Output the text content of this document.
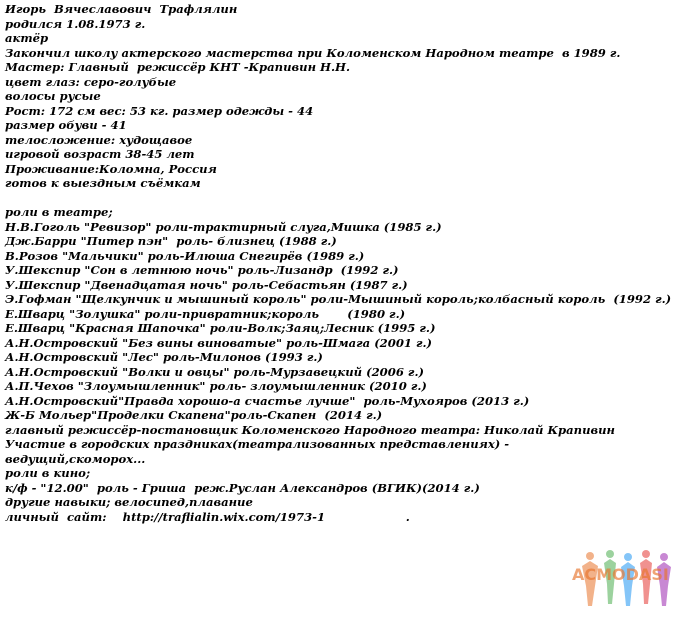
Игорь  Вячеславович  Трафлялин
родился 1.08.1973 г.
актёр
Закончил школу актерского мастерства при Коломенском Народном театре  в 1989 г.
Мастер: Главный  режиссёр КНТ -Крапивин Н.Н.
цвет глаз: серо-голубые
волосы русые
Рост: 172 см вес: 53 кг. размер одежды - 44
размер обуви - 41
телосложение: худощавое
игровой возраст 38-45 лет
Проживание:Коломна, Россия
готов к выездным съёмкам
роли в театре;
Н.В.Гоголь "Ревизор" роли-трактирный слуга,Мишка (1985 г.)
Дж.Барри "Питер пэн"  роль- близнец (1988 г.)
В.Розов "Мальчики" роль-Илюша Снегирёв (1989 г.)
У.Шекспир "Сон в летнюю ночь" роль-Лизандр  (1992 г.)
У.Шекспир "Двенадцатая ночь" роль-Себастьян (1987 г.)
Э.Гофман "Щелкунчик и мышиный король" роли-Мышиный король;колбасный король  (1992 г.)
Е.Шварц "Золушка" роли-привратник;король       (1980 г.)
Е.Шварц "Красная Шапочка" роли-Волк;Заяц;Лесник (1995 г.)
А.Н.Островский "Без вины виноватые" роль-Шмага (2001 г.)
А.Н.Островский "Лес" роль-Милонов (1993 г.)
А.Н.Островский "Волки и овцы" роль-Мурзавецкий (2006 г.)
А.П.Чехов "Злоумышленник" роль- злоумышленник (2010 г.)
А.Н.Островский"Правда хорошо-а счастье лучше"  роль-Мухояров (2013 г.)
Ж-Б Мольер"Проделки Скапена"роль-Скапен  (2014 г.)
главный режиссёр-постановщик Коломенского Народного театра: Николай Крапивин
Участие в городских праздниках(театрализованных представлениях) -
ведущий,скоморох...
роли в кино;
к/ф - "12.00"  роль - Гриша  реж.Руслан Александров (ВГИК)(2014 г.)
другие навыки; велосипед,плавание
личный  сайт:    http://traflialin.wix.com/1973-1                    .
ACMODASI
